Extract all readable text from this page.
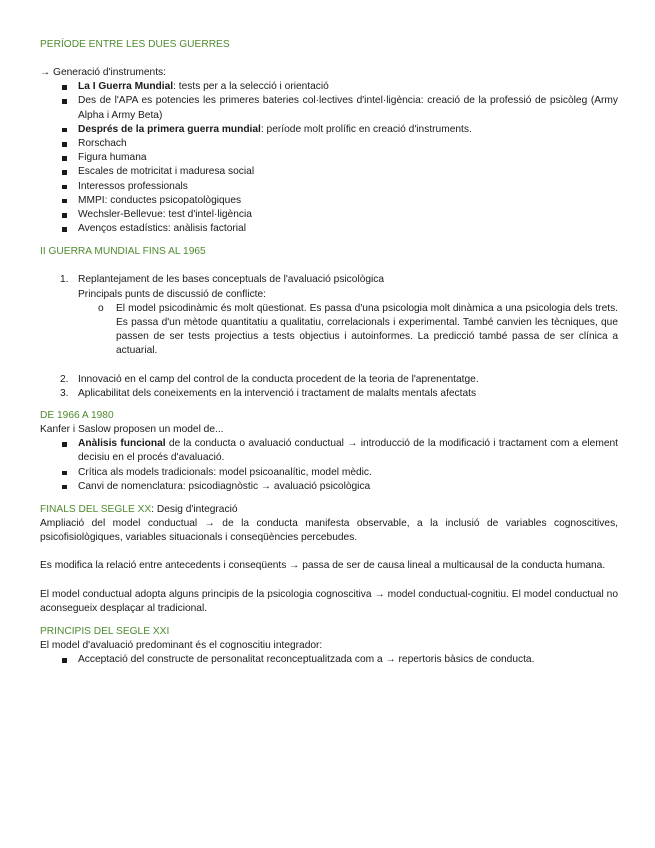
PERÍODE ENTRE LES DUES GUERRES

→ Generació d'instruments:

La I Guerra Mundial: tests per a la selecció i orientació
Des de l'APA es potencies les primeres bateries col·lectives d'intel·ligència: creació de la professió de psicòleg (Army Alpha i Army Beta)
Després de la primera guerra mundial: període molt prolífic en creació d'instruments.
Rorschach
Figura humana
Escales de motricitat i maduresa social
Interessos professionals
MMPI: conductes psicopatològiques
Wechsler-Bellevue: test d'intel·ligència
Avenços estadístics: anàlisis factorial

II GUERRA MUNDIAL FINS AL 1965

1. Replantejament de les bases conceptuals de l'avaluació psicològica
Principals punts de discussió de conflicte:
o El model psicodinàmic és molt qüestionat. Es passa d'una psicologia molt dinàmica a una psicologia dels trets. Es passa d'un mètode quantitatiu a qualitatiu, correlacionals i experimental. També canvien les tècniques, que passen de ser tests projectius a tests objectius i autoinformes. La predicció també passa de ser clínica a actuarial.
2. Innovació en el camp del control de la conducta procedent de la teoria de l'aprenentatge.
3. Aplicabilitat dels coneixements en la intervenció i tractament de malalts mentals afectats

DE 1966 A 1980

Kanfer i Saslow proposen un model de...

Anàlisis funcional de la conducta o avaluació conductual → introducció de la modificació i tractament com a element decisiu en el procés d'avaluació.
Crítica als models tradicionals: model psicoanalític, model mèdic.
Canvi de nomenclatura: psicodiagnòstic → avaluació psicològica

FINALS DEL SEGLE XX: Desig d'integració

Ampliació del model conductual → de la conducta manifesta observable, a la inclusió de variables cognoscitives, psicofisiològiques, variables situacionals i conseqüències percebudes.

Es modifica la relació entre antecedents i conseqüents → passa de ser de causa lineal a multicausal de la conducta humana.

El model conductual adopta alguns principis de la psicologia cognoscitiva → model conductual-cognitiu. El model conductual no aconsegueix desplaçar al tradicional.

PRINCIPIS DEL SEGLE XXI

El model d'avaluació predominant és el cognoscitiu integrador:

Acceptació del constructe de personalitat reconceptualitzada com a → repertoris bàsics de conducta.
